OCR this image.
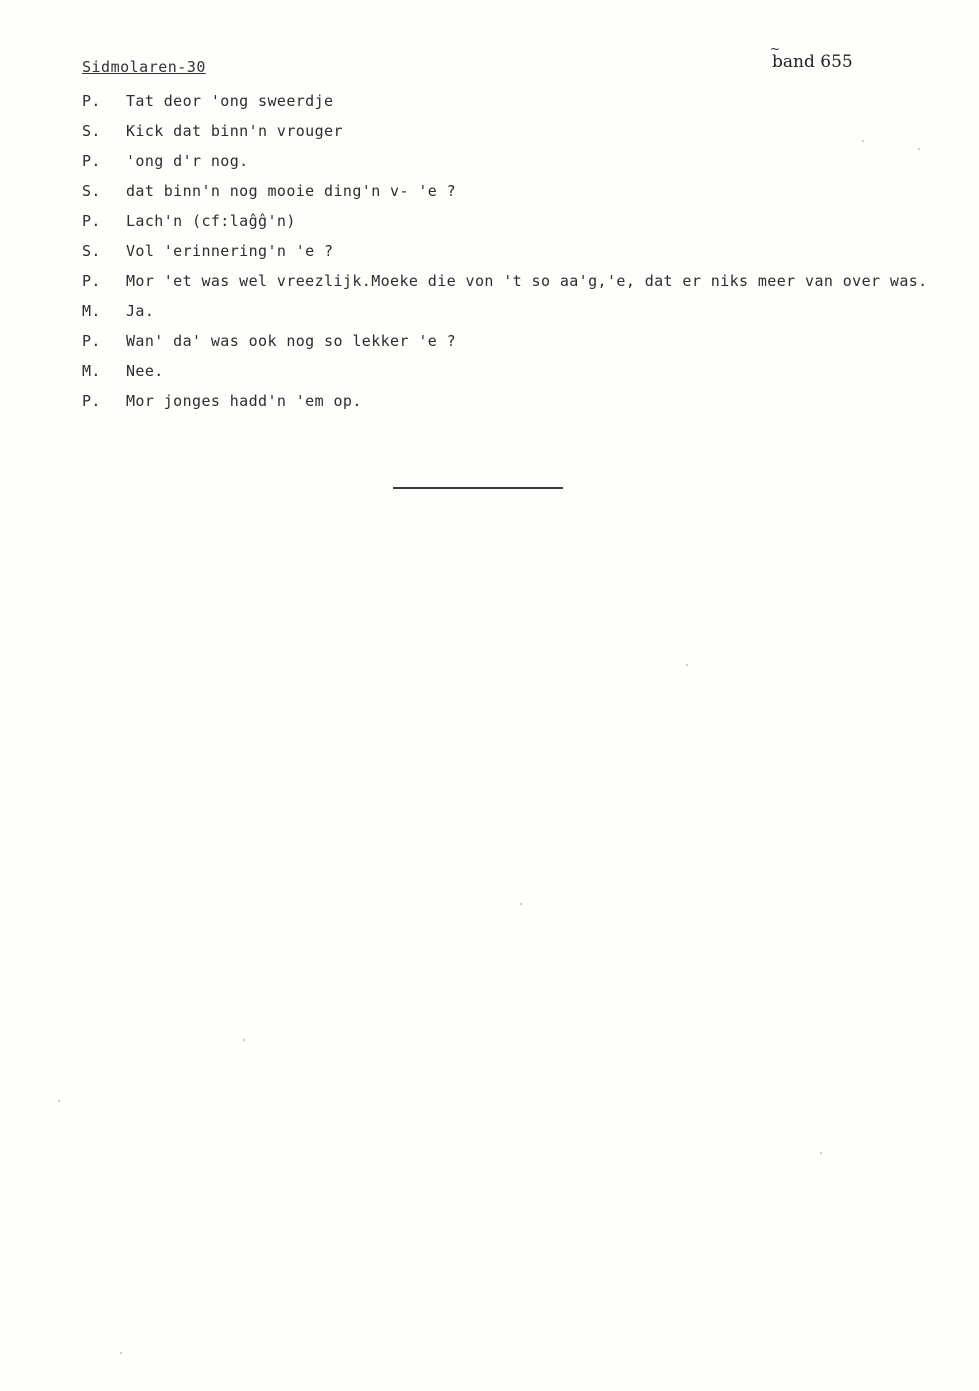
Sidmolaren-30
~
band 655
P.	Tat deor 'ong sweerdje
S.	Kick dat binn'n vrouger
P.	'ong d'r nog.
S.	dat binn'n nog mooie ding'n v- 'e ?
P.	Lach'n (cf:laĝĝ'n)
S.	Vol 'erinnering'n 'e ?
P.	Mor 'et was wel vreezlijk.Moeke die von 't so aa'g,'e, dat er niks meer van over was.
M.	Ja.
P.	Wan' da' was ook nog so lekker 'e ?
M.	Nee.
P.	Mor jonges hadd'n 'em op.
